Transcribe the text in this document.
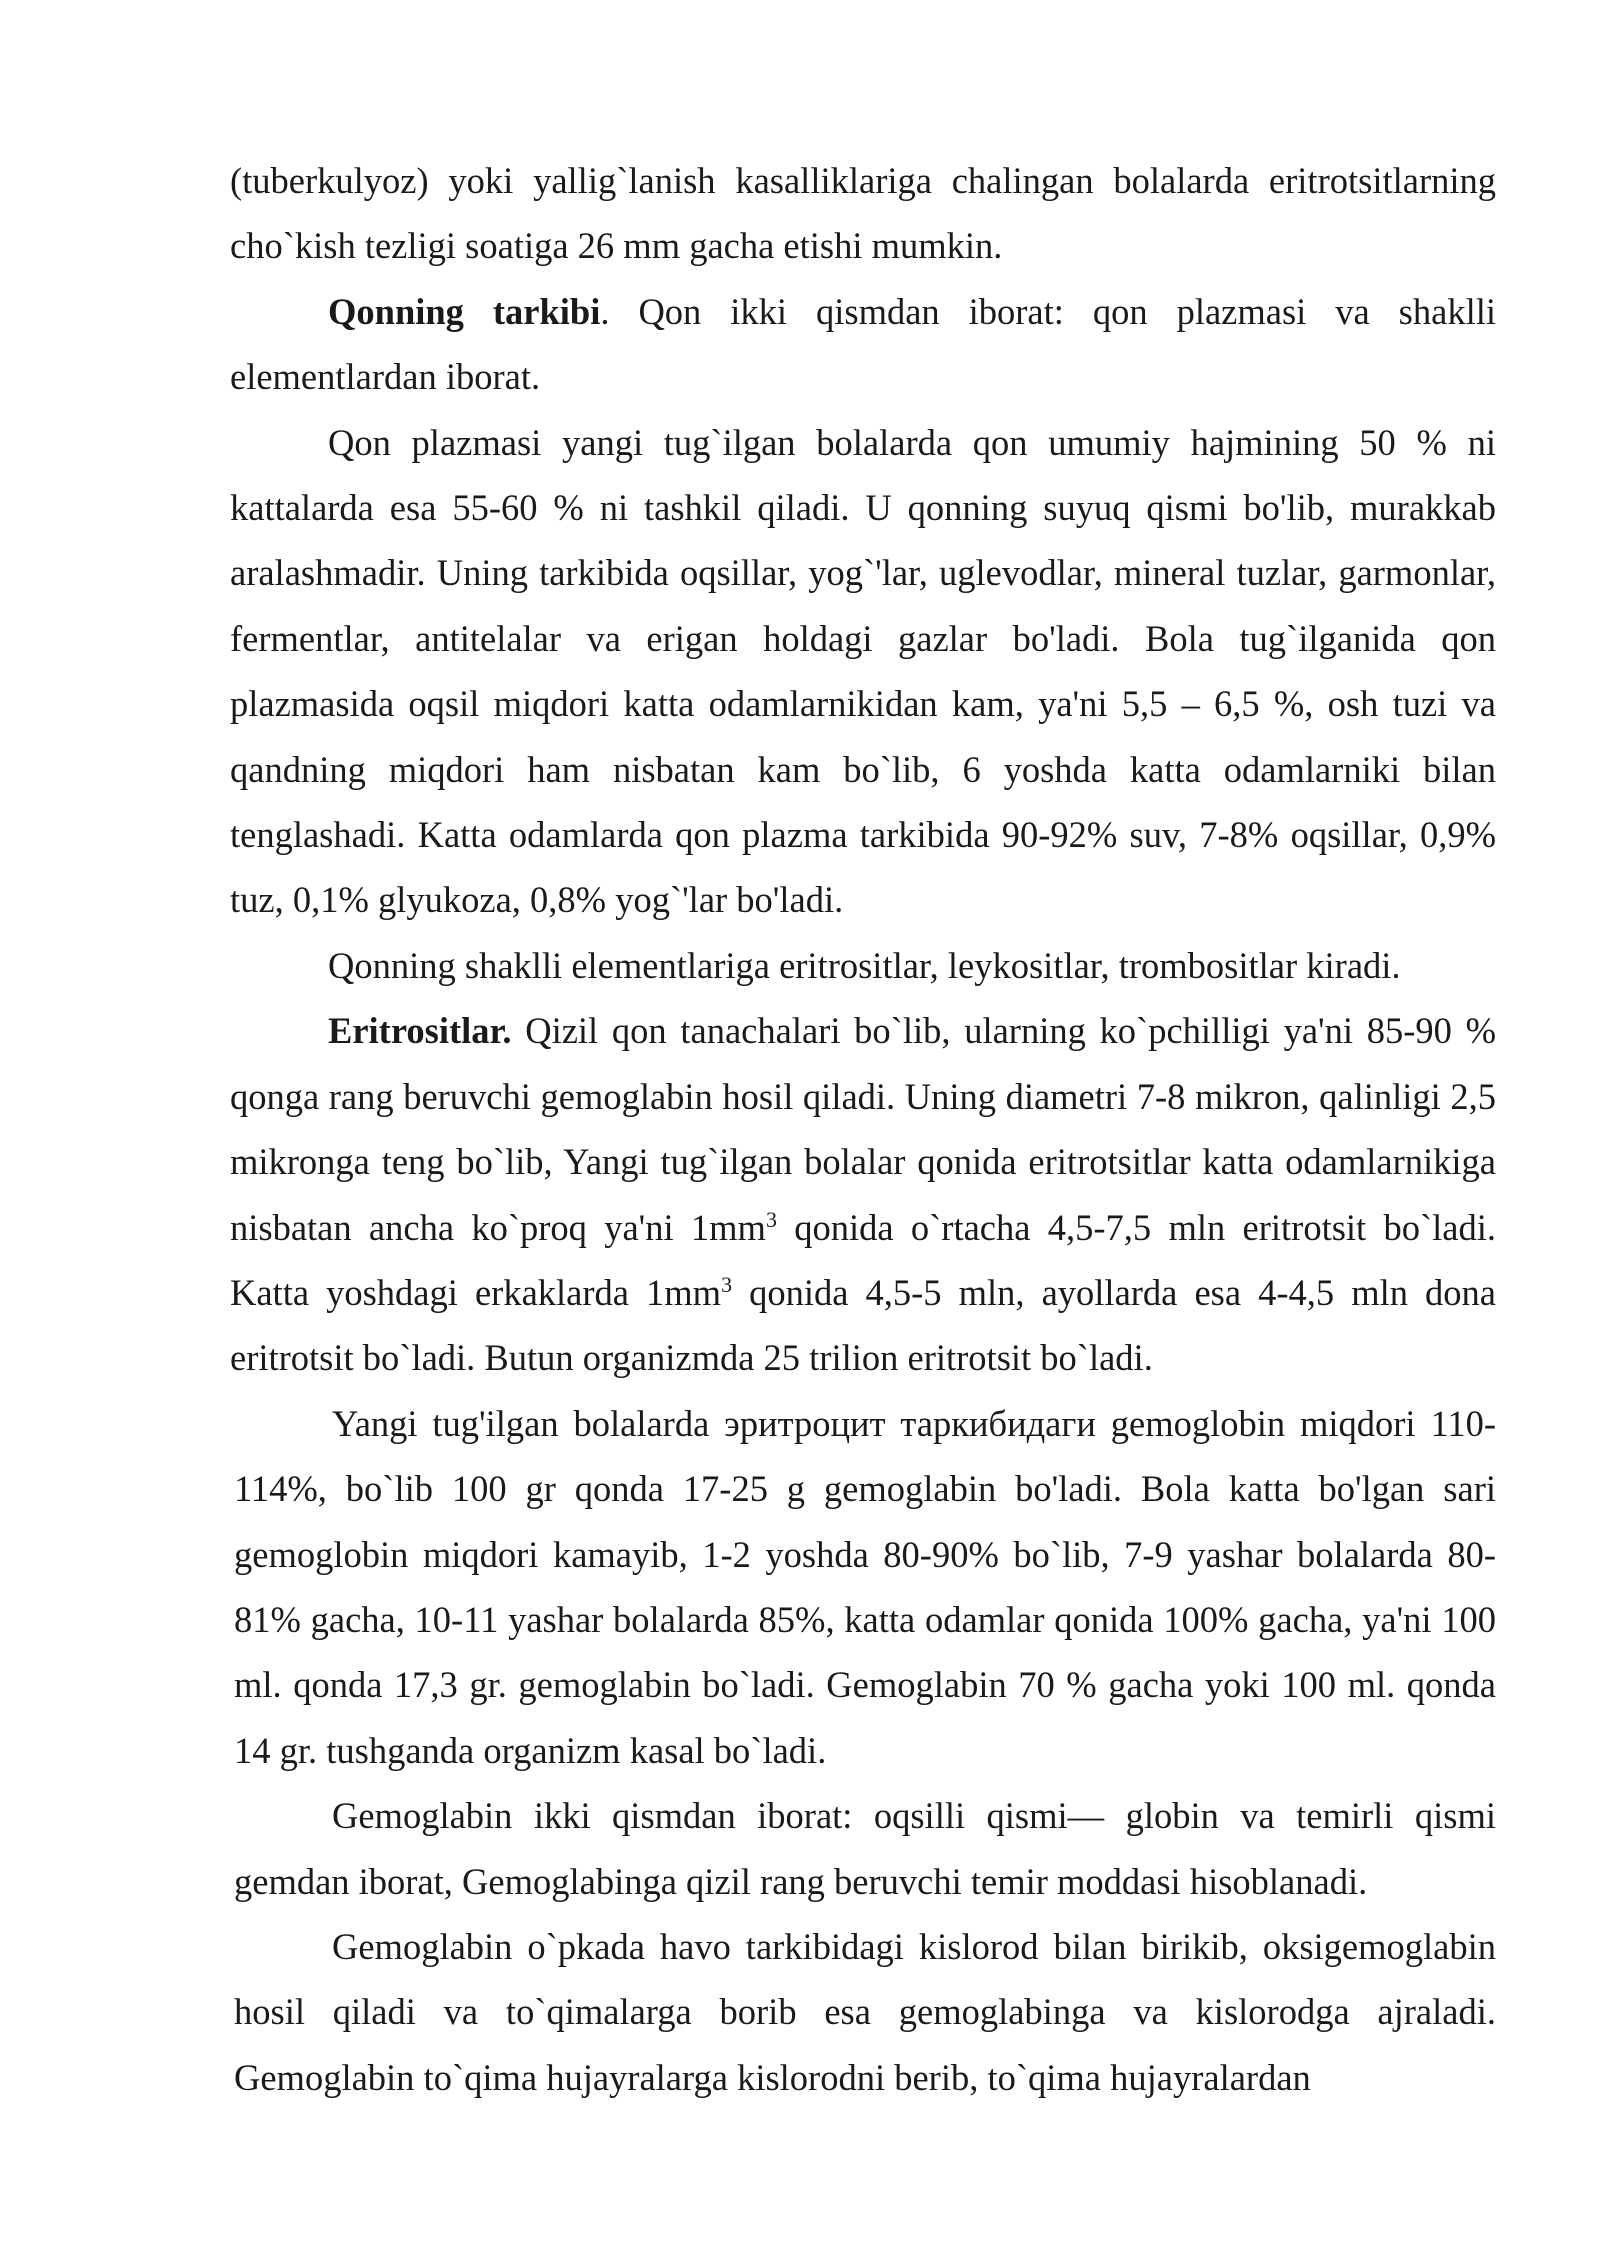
(tuberkulyoz) yoki yallig`lanish kasalliklariga chalingan bolalarda eritrotsitlarning cho`kish tezligi soatiga 26 mm gacha etishi mumkin.

Qonning tarkibi. Qon ikki qismdan iborat: qon plazmasi va shaklli elementlardan iborat.

Qon plazmasi yangi tug`ilgan bolalarda qon umumiy hajmining 50 % ni kattalarda esa 55-60 % ni tashkil qiladi. U qonning suyuq qismi bo'lib, murakkab aralashmadir. Uning tarkibida oqsillar, yog`'lar, uglevodlar, mineral tuzlar, garmonlar, fermentlar, antitelalar va erigan holdagi gazlar bo'ladi. Bola tug`ilganida qon plazmasida oqsil miqdori katta odamlarnikidan kam, ya'ni 5,5 – 6,5 %, osh tuzi va qandning miqdori ham nisbatan kam bo`lib, 6 yoshda katta odamlarniki bilan tenglashadi. Katta odamlarda qon plazma tarkibida 90-92% suv, 7-8% oqsillar, 0,9% tuz, 0,1% glyukoza, 0,8% yog`'lar bo'ladi.

Qonning shaklli elementlariga eritrositlar, leykositlar, trombositlar kiradi.

Eritrositlar. Qizil qon tanachalari bo`lib, ularning ko`pchilligi ya'ni 85-90 % qonga rang beruvchi gemoglabin hosil qiladi. Uning diametri 7-8 mikron, qalinligi 2,5 mikronga teng bo`lib, Yangi tug`ilgan bolalar qonida eritrotsitlar katta odamlarnikiga nisbatan ancha ko`proq ya'ni $1mm^3$ qonida o`rtacha 4,5-7,5 mln eritrotsit bo`ladi. Katta yoshdagi erkaklarda $1mm^3$ qonida 4,5-5 mln, ayollarda esa 4-4,5 mln dona eritrotsit bo`ladi. Butun organizmda 25 trilion eritrotsit bo`ladi.

Yangi tug'ilgan bolalarda эритроцит таркибидаги gemoglobin miqdori 110-114%, bo`lib 100 gr qonda 17-25 g gemoglabin bo'ladi. Bola katta bo'lgan sari gemoglobin miqdori kamayib, 1-2 yoshda 80-90% bo`lib, 7-9 yashar bolalarda 80-81% gacha, 10-11 yashar bolalarda 85%, katta odamlar qonida 100% gacha, ya'ni 100 ml. qonda 17,3 gr. gemoglabin bo`ladi. Gemoglabin 70 % gacha yoki 100 ml. qonda 14 gr. tushganda organizm kasal bo`ladi.

Gemoglabin ikki qismdan iborat: oqsilli qismi— globin va temirli qismi gemdan iborat, Gemoglabinga qizil rang beruvchi temir moddasi hisoblanadi.

Gemoglabin o`pkada havo tarkibidagi kislorod bilan birikib, oksigemoglabin hosil qiladi va to`qimalarga borib esa gemoglabinga va kislorodga ajraladi. Gemoglabin to`qima hujayralarga kislorodni berib, to`qima hujayralardan
